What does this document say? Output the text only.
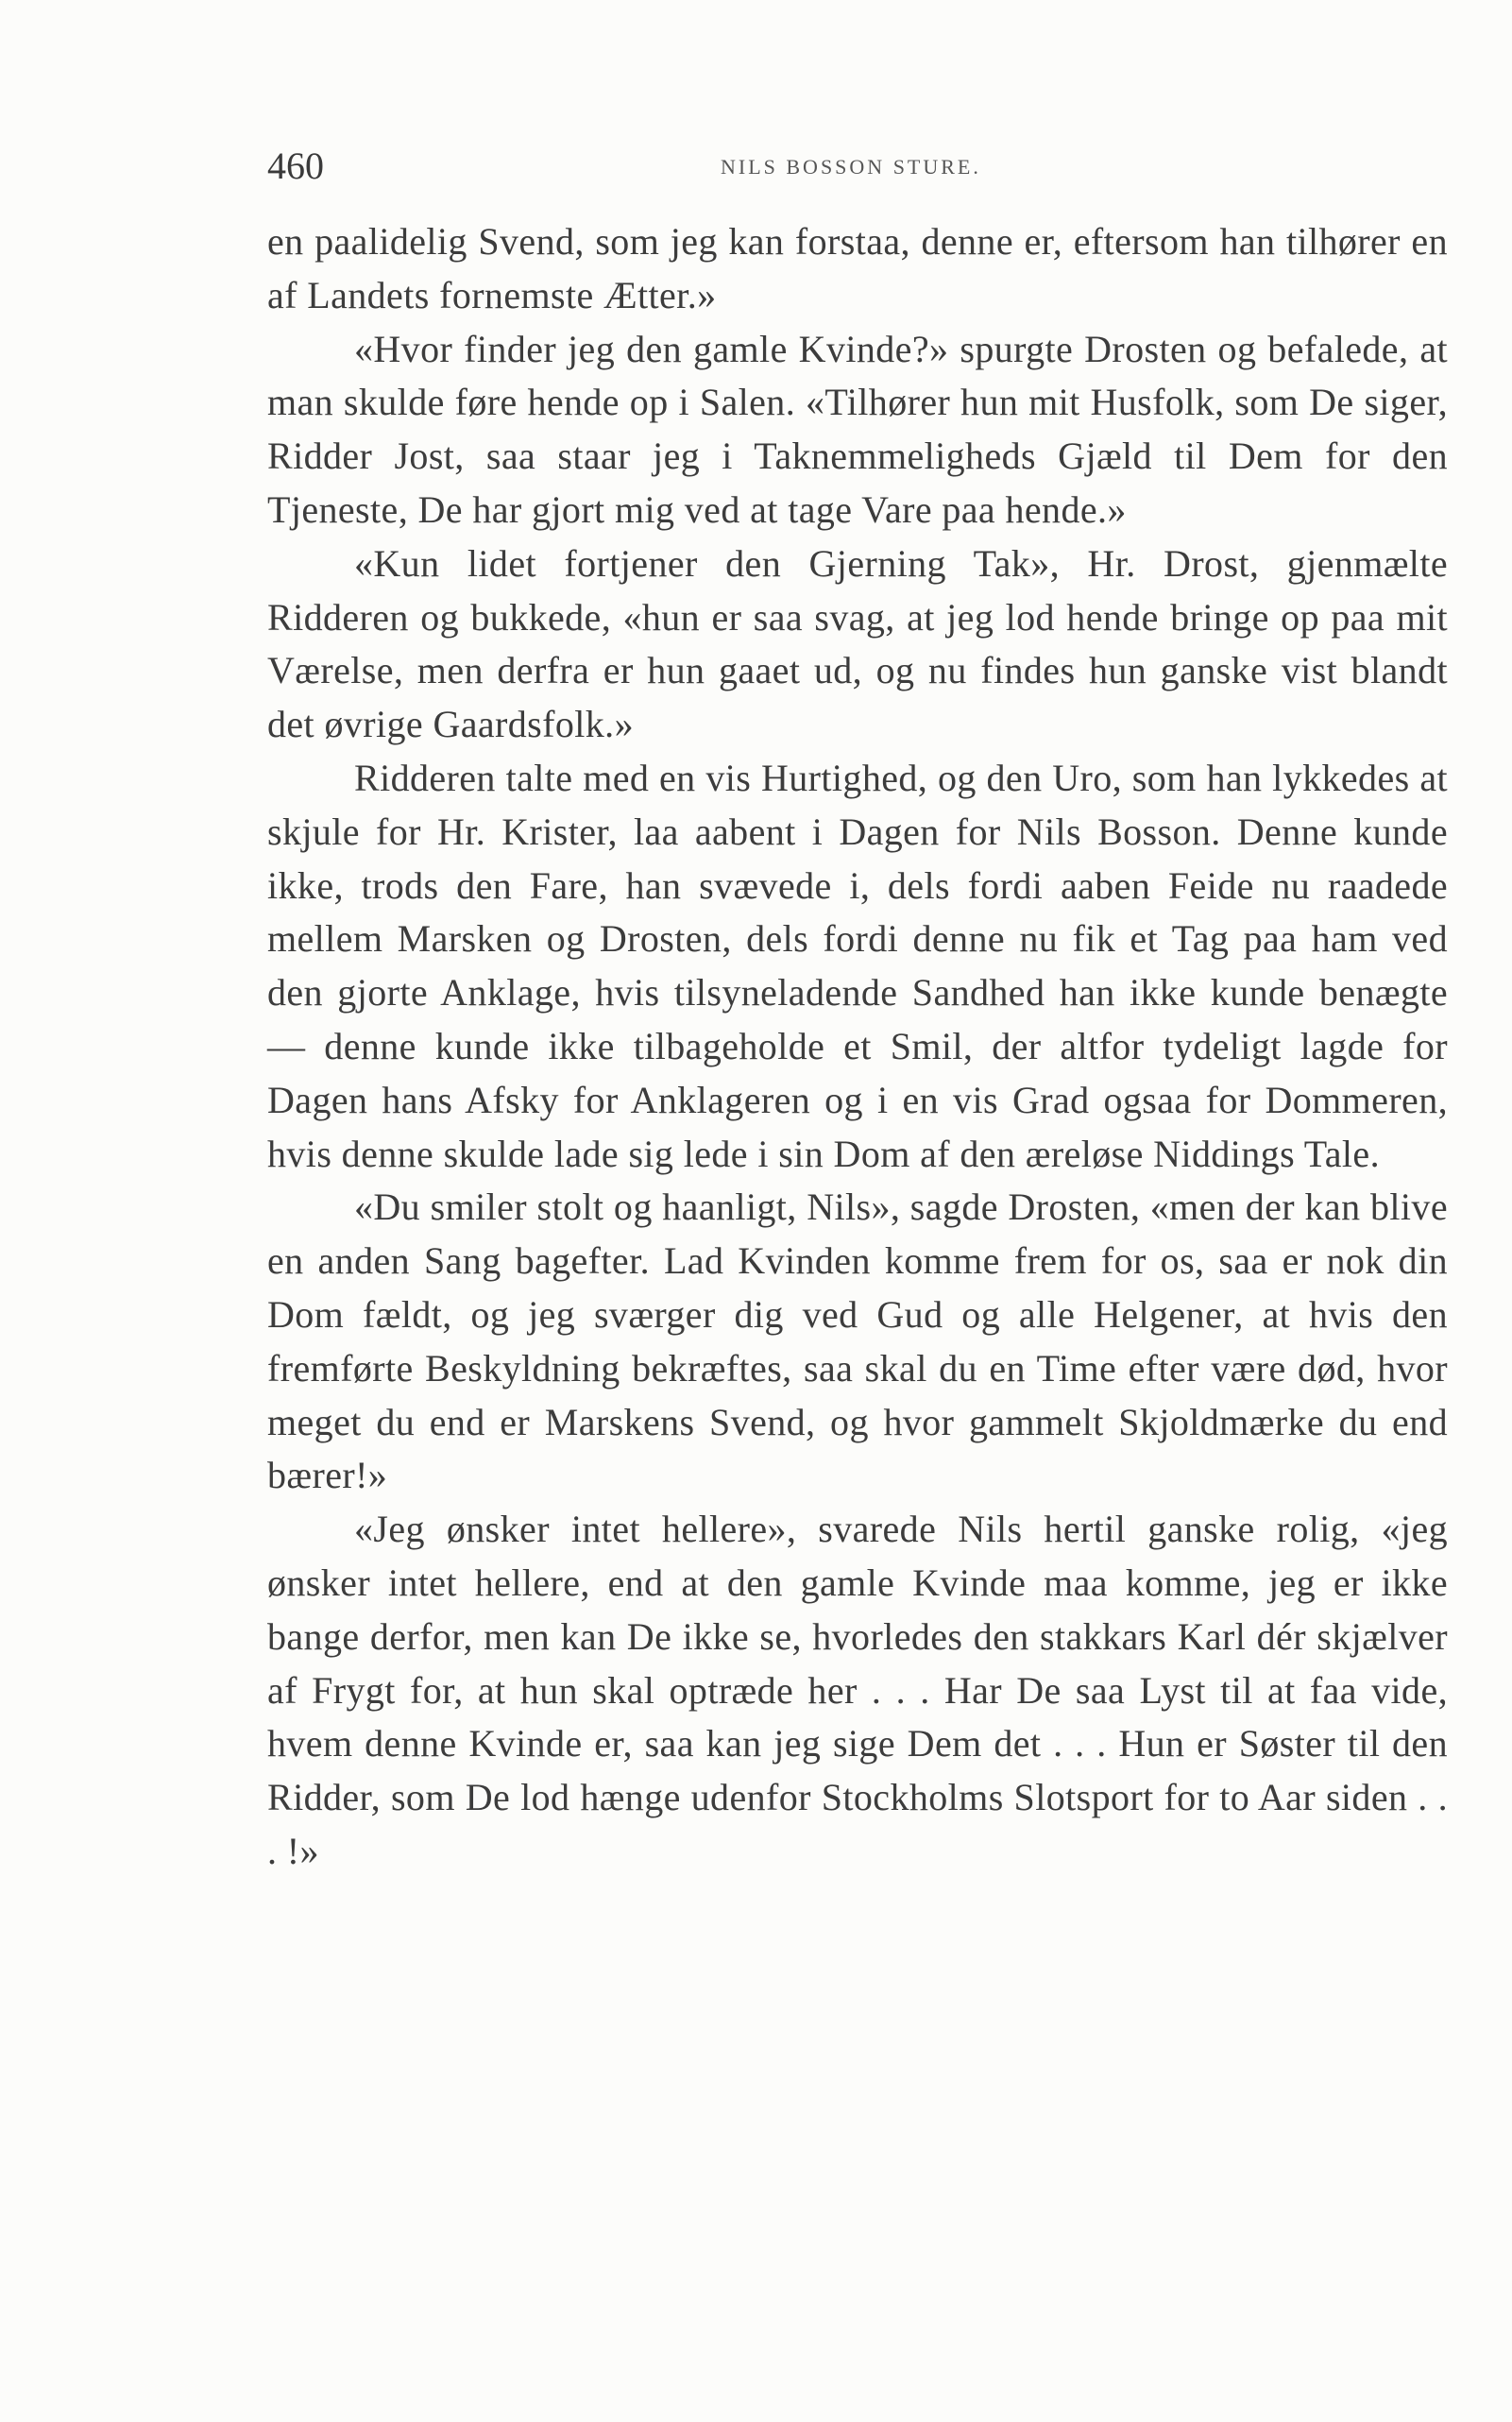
460	NILS BOSSON STURE.

en paalidelig Svend, som jeg kan forstaa, denne er, eftersom han tilhører en af Landets fornemste Ætter.»

«Hvor finder jeg den gamle Kvinde?» spurgte Drosten og befalede, at man skulde føre hende op i Salen. «Tilhører hun mit Husfolk, som De siger, Ridder Jost, saa staar jeg i Taknemmeligheds Gjæld til Dem for den Tjeneste, De har gjort mig ved at tage Vare paa hende.»

«Kun lidet fortjener den Gjerning Tak», Hr. Drost, gjenmælte Ridderen og bukkede, «hun er saa svag, at jeg lod hende bringe op paa mit Værelse, men derfra er hun gaaet ud, og nu findes hun ganske vist blandt det øvrige Gaardsfolk.»

Ridderen talte med en vis Hurtighed, og den Uro, som han lykkedes at skjule for Hr. Krister, laa aabent i Dagen for Nils Bosson. Denne kunde ikke, trods den Fare, han svævede i, dels fordi aaben Feide nu raadede mellem Marsken og Drosten, dels fordi denne nu fik et Tag paa ham ved den gjorte Anklage, hvis tilsyneladende Sandhed han ikke kunde benægte — denne kunde ikke tilbageholde et Smil, der altfor tydeligt lagde for Dagen hans Afsky for Anklageren og i en vis Grad ogsaa for Dommeren, hvis denne skulde lade sig lede i sin Dom af den æreløse Niddings Tale.

«Du smiler stolt og haanligt, Nils», sagde Drosten, «men der kan blive en anden Sang bagefter. Lad Kvinden komme frem for os, saa er nok din Dom fældt, og jeg sværger dig ved Gud og alle Helgener, at hvis den fremførte Beskyldning bekræftes, saa skal du en Time efter være død, hvor meget du end er Marskens Svend, og hvor gammelt Skjoldmærke du end bærer!»

«Jeg ønsker intet hellere», svarede Nils hertil ganske rolig, «jeg ønsker intet hellere, end at den gamle Kvinde maa komme, jeg er ikke bange derfor, men kan De ikke se, hvorledes den stakkars Karl dér skjælver af Frygt for, at hun skal optræde her . . . Har De saa Lyst til at faa vide, hvem denne Kvinde er, saa kan jeg sige Dem det . . . Hun er Søster til den Ridder, som De lod hænge udenfor Stockholms Slotsport for to Aar siden . . . !»
